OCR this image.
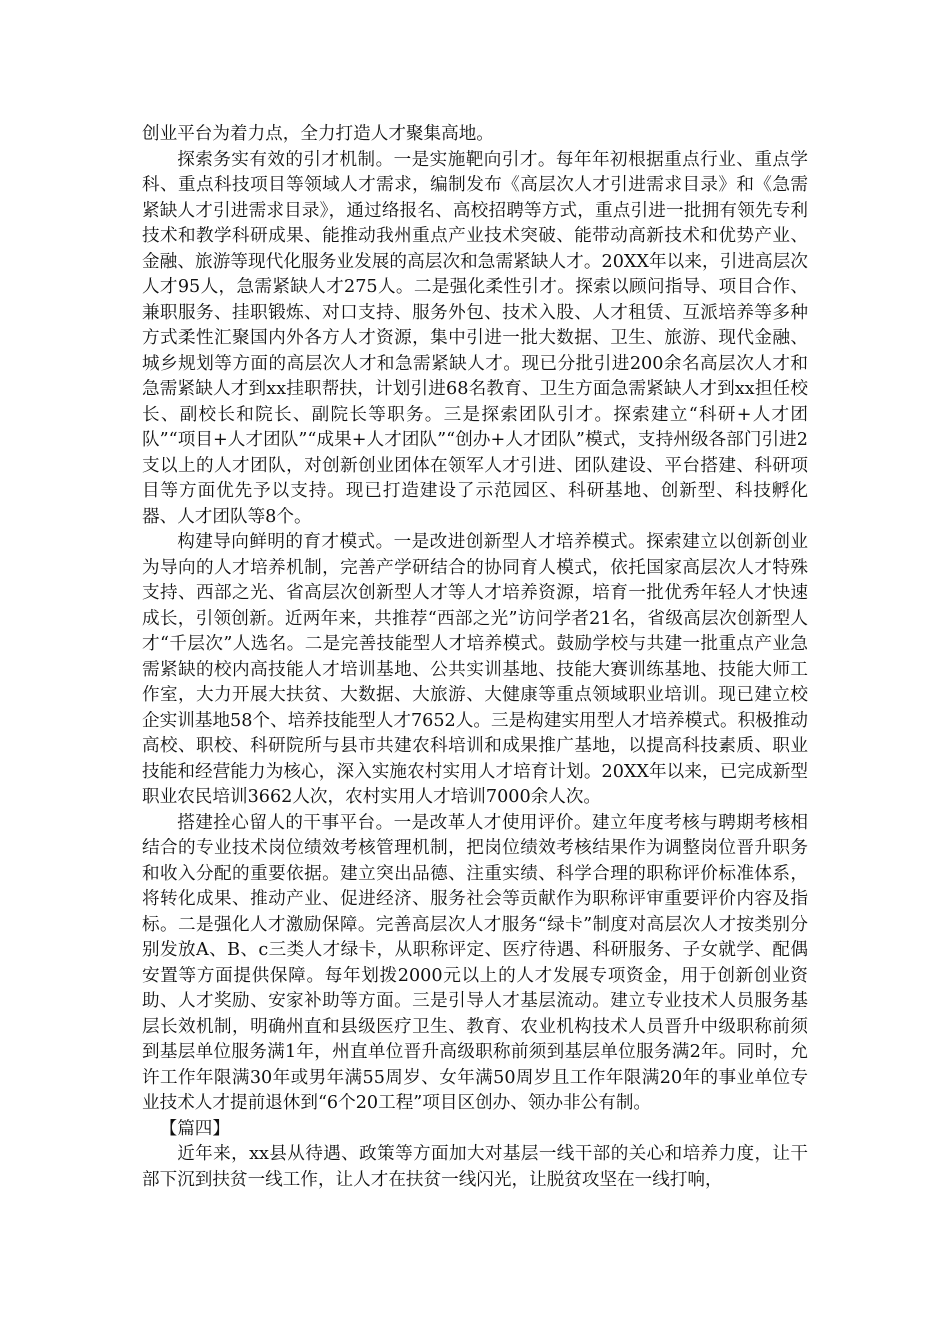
创业平台为着力点，全力打造人才聚集高地。

探索务实有效的引才机制。一是实施靶向引才。每年年初根据重点行业、重点学科、重点科技项目等领域人才需求，编制发布《高层次人才引进需求目录》和《急需紧缺人才引进需求目录》，通过络报名、高校招聘等方式，重点引进一批拥有领先专利技术和教学科研成果、能推动我州重点产业技术突破、能带动高新技术和优势产业、金融、旅游等现代化服务业发展的高层次和急需紧缺人才。20XX年以来，引进高层次人才95人，急需紧缺人才275人。二是强化柔性引才。探索以顾问指导、项目合作、兼职服务、挂职锻炼、对口支持、服务外包、技术入股、人才租赁、互派培养等多种方式柔性汇聚国内外各方人才资源，集中引进一批大数据、卫生、旅游、现代金融、城乡规划等方面的高层次人才和急需紧缺人才。现已分批引进200余名高层次人才和急需紧缺人才到xx挂职帮扶，计划引进68名教育、卫生方面急需紧缺人才到xx担任校长、副校长和院长、副院长等职务。三是探索团队引才。探索建立“科研+人才团队”“项目+人才团队”“成果+人才团队”“创办+人才团队”模式，支持州级各部门引进2支以上的人才团队，对创新创业团体在领军人才引进、团队建设、平台搭建、科研项目等方面优先予以支持。现已打造建设了示范园区、科研基地、创新型、科技孵化器、人才团队等8个。

构建导向鲜明的育才模式。一是改进创新型人才培养模式。探索建立以创新创业为导向的人才培养机制，完善产学研结合的协同育人模式，依托国家高层次人才特殊支持、西部之光、省高层次创新型人才等人才培养资源，培育一批优秀年轻人才快速成长，引领创新。近两年来，共推荐“西部之光”访问学者21名，省级高层次创新型人才“千层次”人选名。二是完善技能型人才培养模式。鼓励学校与共建一批重点产业急需紧缺的校内高技能人才培训基地、公共实训基地、技能大赛训练基地、技能大师工作室，大力开展大扶贫、大数据、大旅游、大健康等重点领域职业培训。现已建立校企实训基地58个、培养技能型人才7652人。三是构建实用型人才培养模式。积极推动高校、职校、科研院所与县市共建农科培训和成果推广基地，以提高科技素质、职业技能和经营能力为核心，深入实施农村实用人才培育计划。20XX年以来，已完成新型职业农民培训3662人次，农村实用人才培训7000余人次。

搭建拴心留人的干事平台。一是改革人才使用评价。建立年度考核与聘期考核相结合的专业技术岗位绩效考核管理机制，把岗位绩效考核结果作为调整岗位晋升职务和收入分配的重要依据。建立突出品德、注重实绩、科学合理的职称评价标准体系，将转化成果、推动产业、促进经济、服务社会等贡献作为职称评审重要评价内容及指标。二是强化人才激励保障。完善高层次人才服务“绿卡”制度对高层次人才按类别分别发放A、B、c三类人才绿卡，从职称评定、医疗待遇、科研服务、子女就学、配偶安置等方面提供保障。每年划拨2000元以上的人才发展专项资金，用于创新创业资助、人才奖励、安家补助等方面。三是引导人才基层流动。建立专业技术人员服务基层长效机制，明确州直和县级医疗卫生、教育、农业机构技术人员晋升中级职称前须到基层单位服务满1年，州直单位晋升高级职称前须到基层单位服务满2年。同时，允许工作年限满30年或男年满55周岁、女年满50周岁且工作年限满20年的事业单位专业技术人才提前退休到“6个20工程”项目区创办、领办非公有制。

【篇四】

近年来，xx县从待遇、政策等方面加大对基层一线干部的关心和培养力度，让干部下沉到扶贫一线工作，让人才在扶贫一线闪光，让脱贫攻坚在一线打响，
